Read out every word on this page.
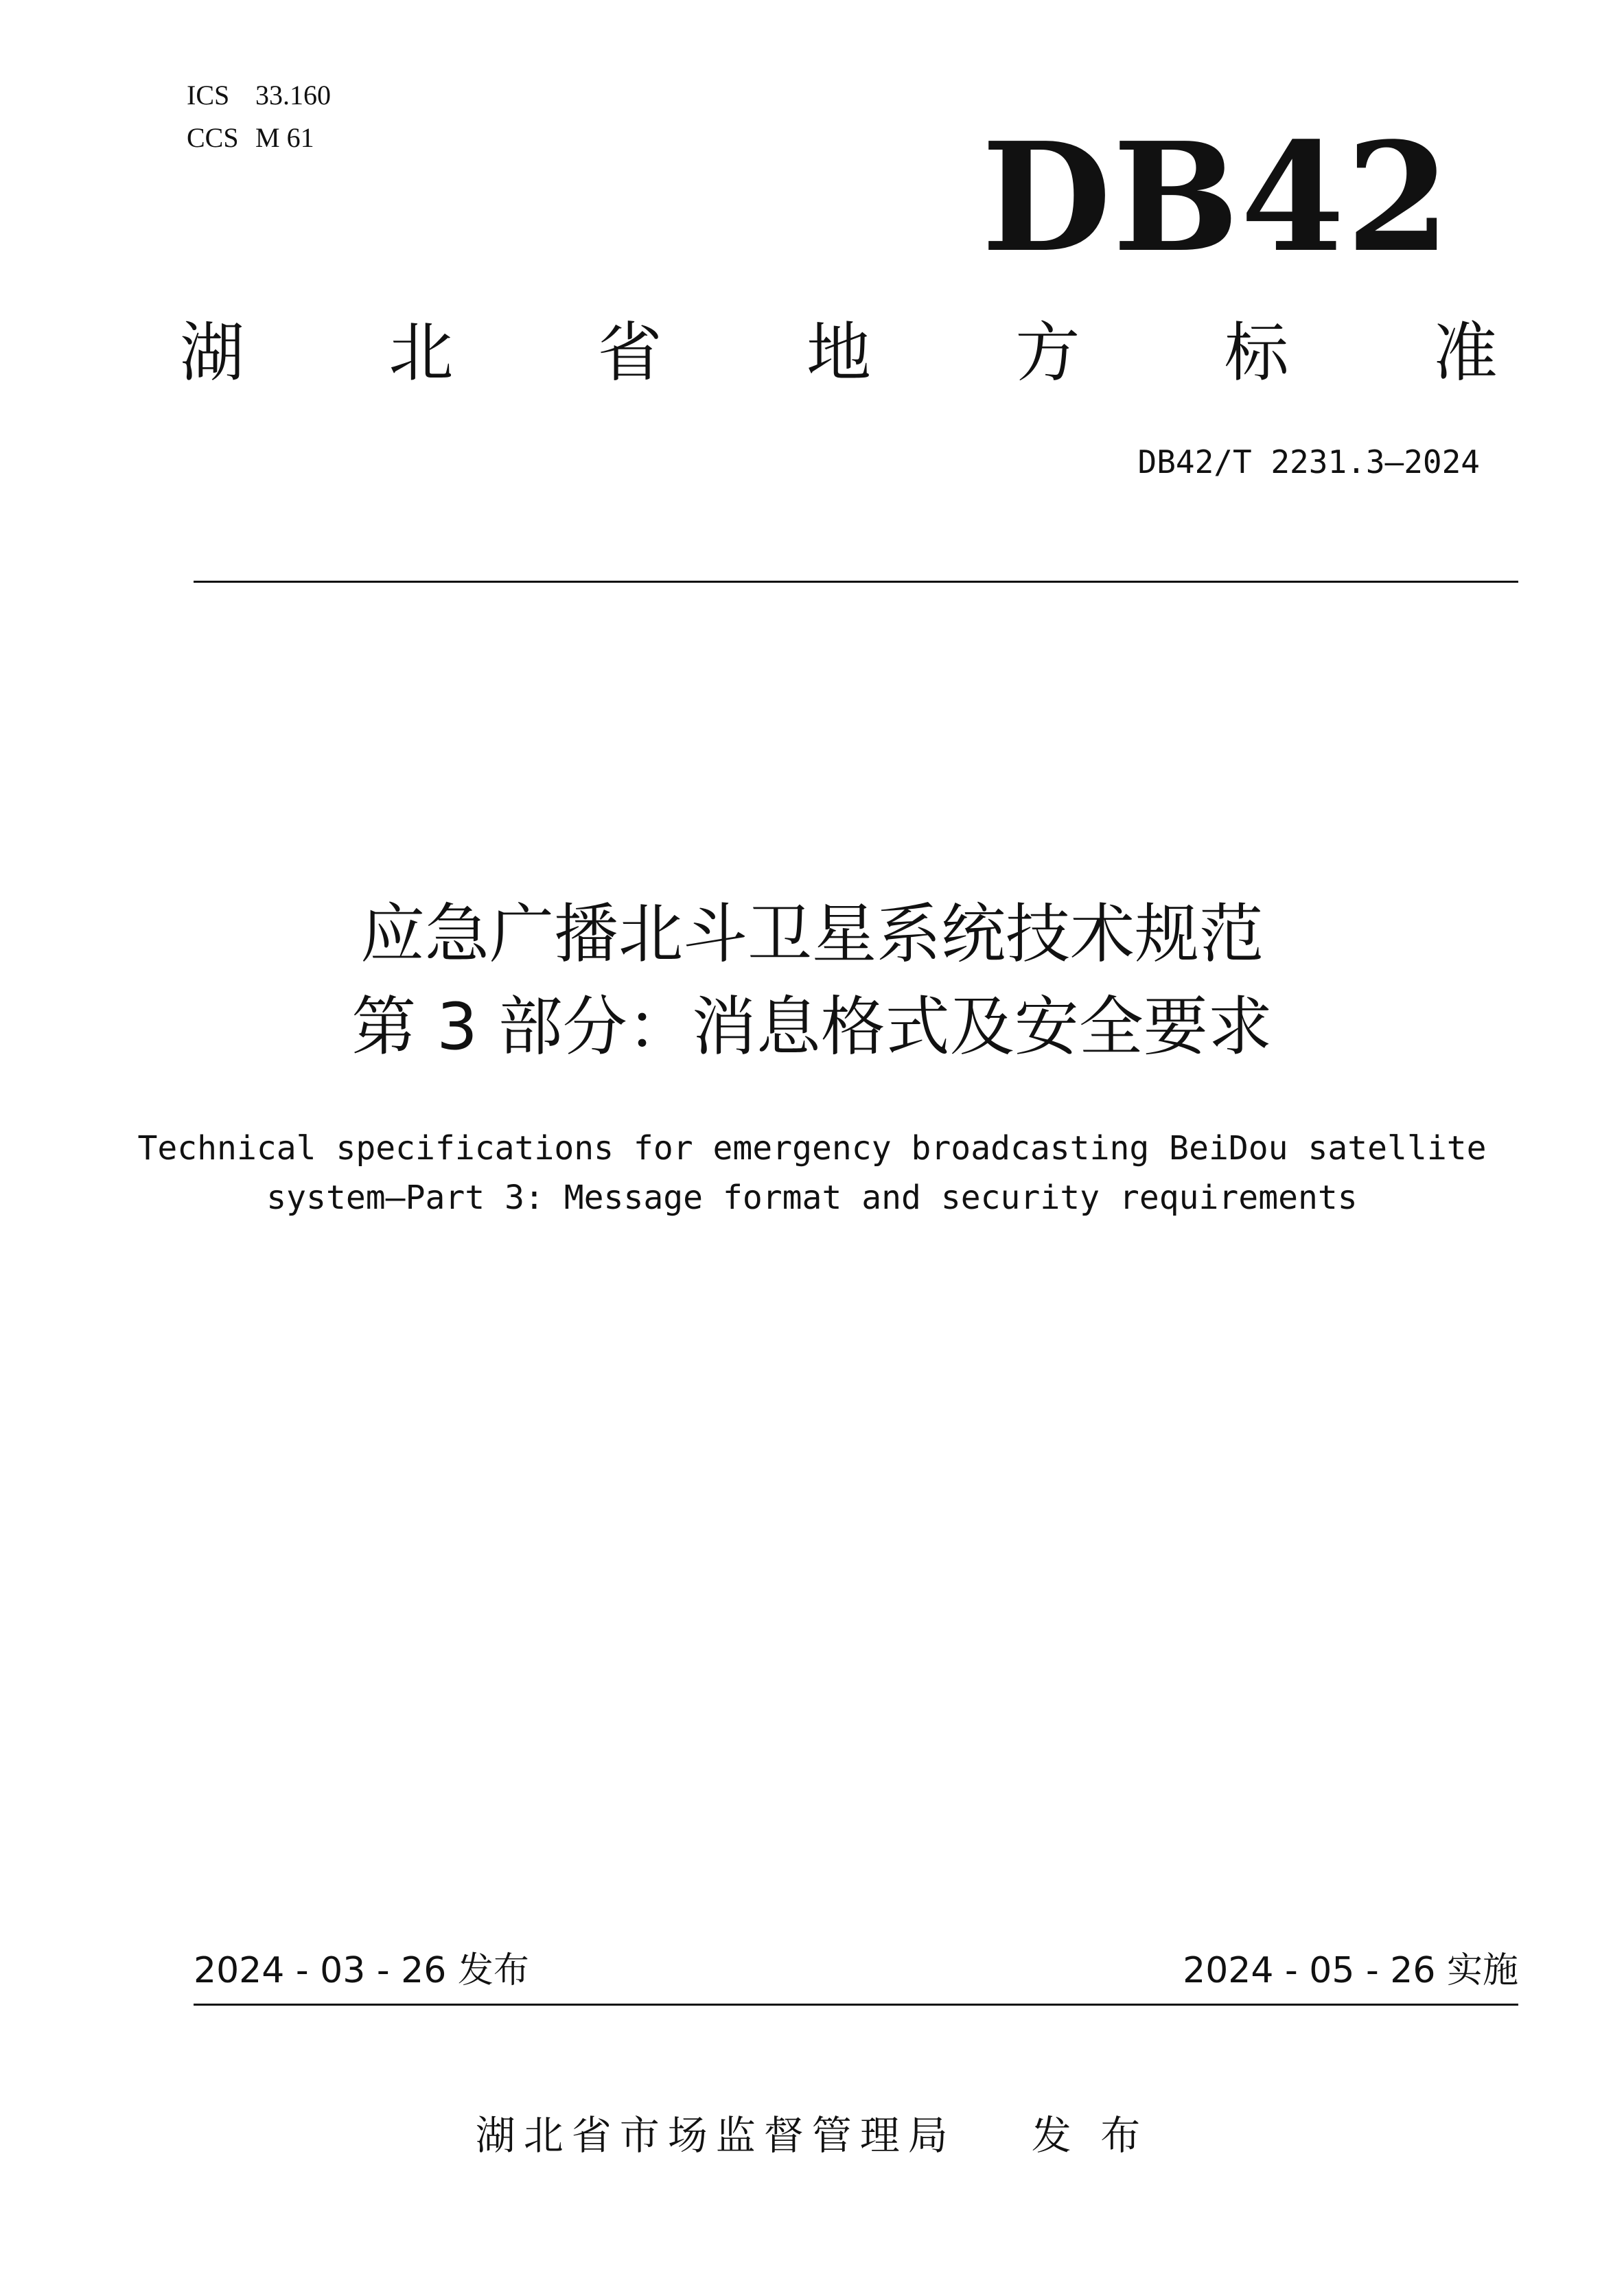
ICS 33.160
CCS M 61	DB42
湖 北 省 地 方 标 准
DB42/T 2231.3—2024
应急广播北斗卫星系统技术规范
第 3 部分：消息格式及安全要求
Technical specifications for emergency broadcasting BeiDou satellite
system—Part 3: Message format and security requirements
2024 - 03 - 26 发布	2024 - 05 - 26 实施
湖北省市场监督管理局 发 布
